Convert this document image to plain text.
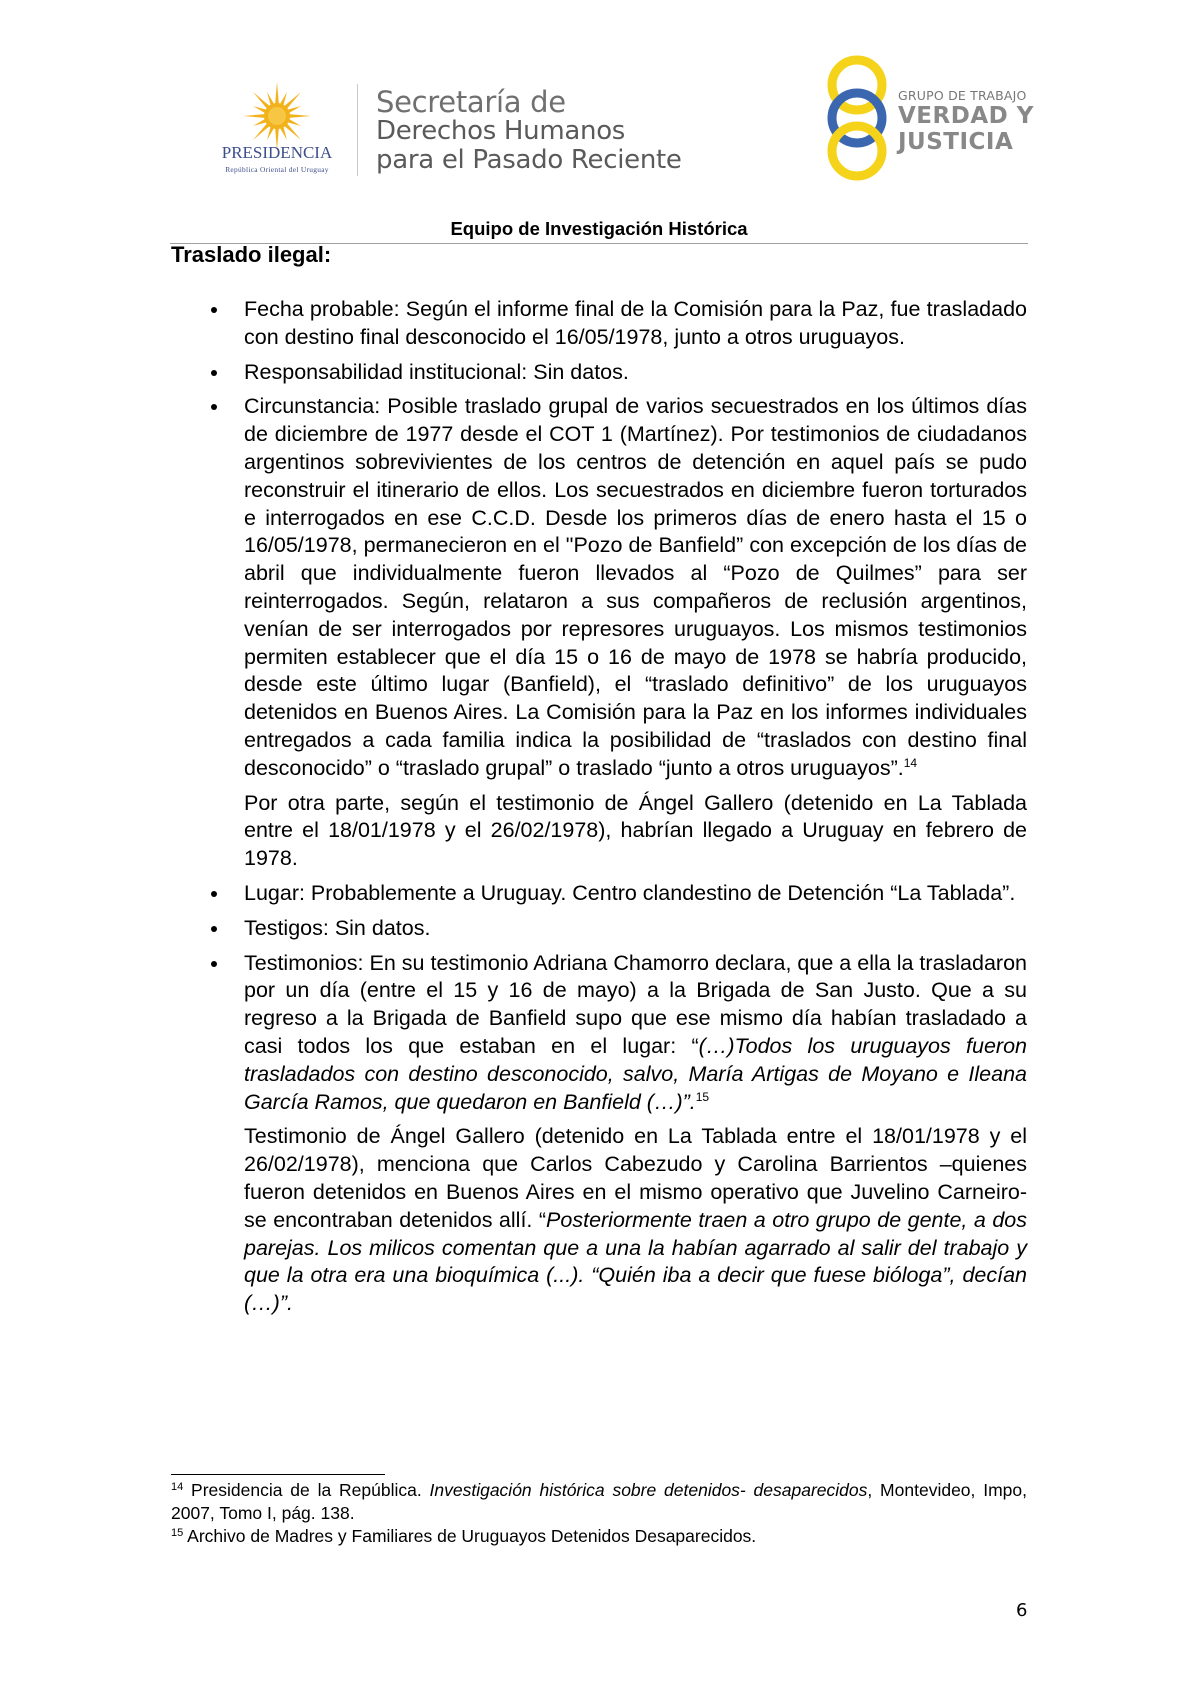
PRESIDENCIA
República Oriental del Uruguay
Secretaría de
Derechos Humanos
para el Pasado Reciente
GRUPO DE TRABAJO
VERDAD Y
JUSTICIA
Equipo de Investigación Histórica
Traslado ilegal:

Fecha probable: Según el informe final de la Comisión para la Paz, fue trasladado con destino final desconocido el 16/05/1978, junto a otros uruguayos.

Responsabilidad institucional: Sin datos.

Circunstancia: Posible traslado grupal de varios secuestrados en los últimos días de diciembre de 1977 desde el COT 1 (Martínez). Por testimonios de ciudadanos argentinos sobrevivientes de los centros de detención en aquel país se pudo reconstruir el itinerario de ellos. Los secuestrados en diciembre fueron torturados e interrogados en ese C.C.D. Desde los primeros días de enero hasta el 15 o 16/05/1978, permanecieron en el "Pozo de Banfield” con excepción de los días de abril que individualmente fueron llevados al “Pozo de Quilmes” para ser reinterrogados. Según, relataron a sus compañeros de reclusión argentinos, venían de ser interrogados por represores uruguayos. Los mismos testimonios permiten establecer que el día 15 o 16 de mayo de 1978 se habría producido, desde este último lugar (Banfield), el “traslado definitivo” de los uruguayos detenidos en Buenos Aires. La Comisión para la Paz en los informes individuales entregados a cada familia indica la posibilidad de “traslados con destino final desconocido” o “traslado grupal” o traslado “junto a otros uruguayos”.$^{14}$

Por otra parte, según el testimonio de Ángel Gallero (detenido en La Tablada entre el 18/01/1978 y el 26/02/1978), habrían llegado a Uruguay en febrero de 1978.

Lugar: Probablemente a Uruguay. Centro clandestino de Detención “La Tablada”.

Testigos: Sin datos.

Testimonios: En su testimonio Adriana Chamorro declara, que a ella la trasladaron por un día (entre el 15 y 16 de mayo) a la Brigada de San Justo. Que a su regreso a la Brigada de Banfield supo que ese mismo día habían trasladado a casi todos los que estaban en el lugar: “(…)Todos los uruguayos fueron trasladados con destino desconocido, salvo, María Artigas de Moyano e Ileana García Ramos, que quedaron en Banfield (…)”.$^{15}$

Testimonio de Ángel Gallero (detenido en La Tablada entre el 18/01/1978 y el 26/02/1978), menciona que Carlos Cabezudo y Carolina Barrientos –quienes fueron detenidos en Buenos Aires en el mismo operativo que Juvelino Carneiro- se encontraban detenidos allí. “Posteriormente traen a otro grupo de gente, a dos parejas. Los milicos comentan que a una la habían agarrado al salir del trabajo y que la otra era una bioquímica (...). “Quién iba a decir que fuese bióloga”, decían (…)”.

$^{14}$ Presidencia de la República. Investigación histórica sobre detenidos- desaparecidos, Montevideo, Impo, 2007, Tomo I, pág. 138.

$^{15}$ Archivo de Madres y Familiares de Uruguayos Detenidos Desaparecidos.

6
